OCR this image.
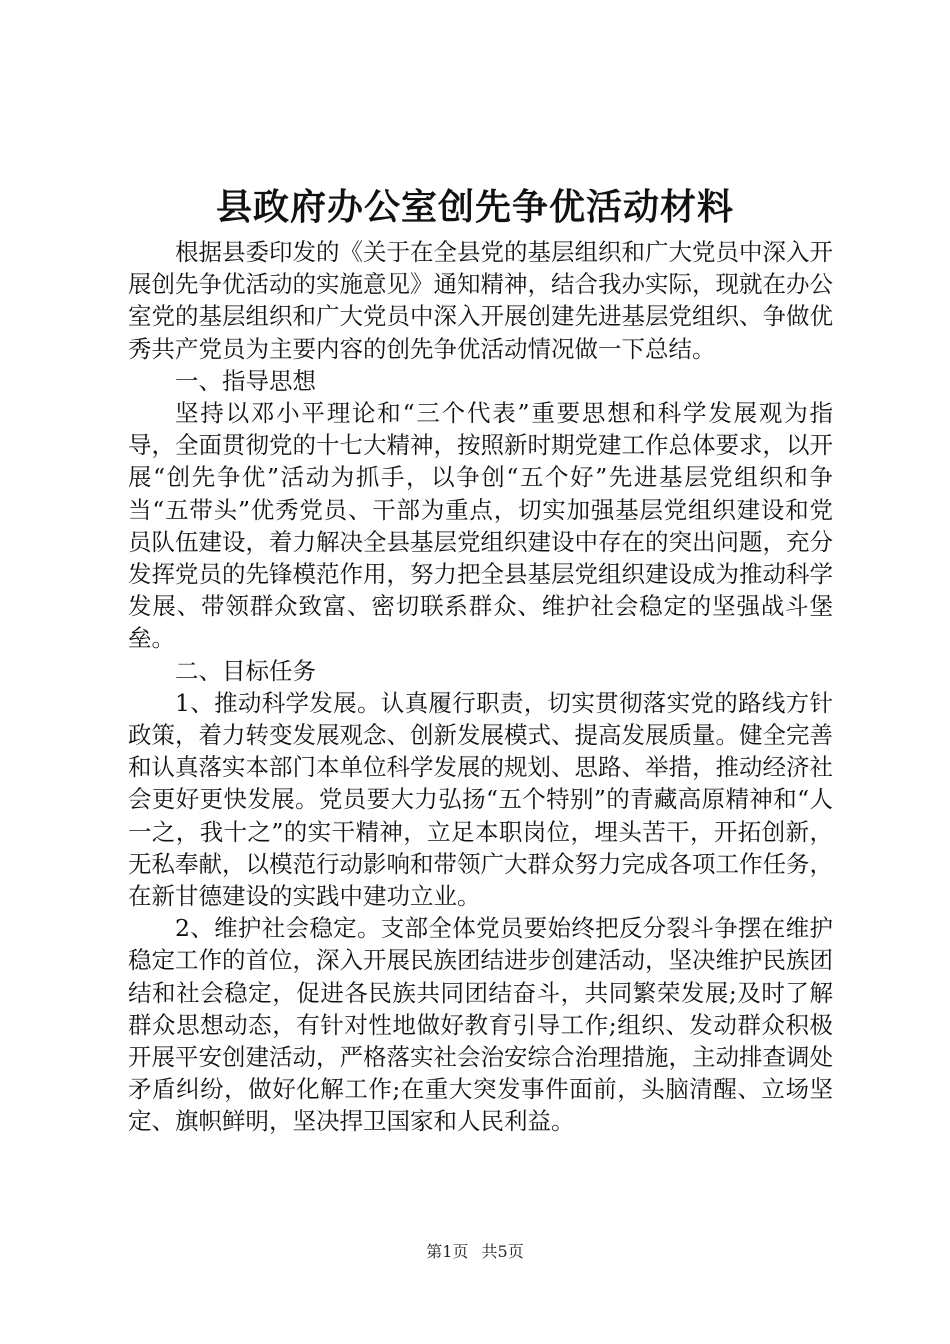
县政府办公室创先争优活动材料

根据县委印发的《关于在全县党的基层组织和广大党员中深入开展创先争优活动的实施意见》通知精神，结合我办实际，现就在办公室党的基层组织和广大党员中深入开展创建先进基层党组织、争做优秀共产党员为主要内容的创先争优活动情况做一下总结。

一、指导思想

坚持以邓小平理论和“三个代表”重要思想和科学发展观为指导，全面贯彻党的十七大精神，按照新时期党建工作总体要求，以开展“创先争优”活动为抓手，以争创“五个好”先进基层党组织和争当“五带头”优秀党员、干部为重点，切实加强基层党组织建设和党员队伍建设，着力解决全县基层党组织建设中存在的突出问题，充分发挥党员的先锋模范作用，努力把全县基层党组织建设成为推动科学发展、带领群众致富、密切联系群众、维护社会稳定的坚强战斗堡垒。

二、目标任务

1、推动科学发展。认真履行职责，切实贯彻落实党的路线方针政策，着力转变发展观念、创新发展模式、提高发展质量。健全完善和认真落实本部门本单位科学发展的规划、思路、举措，推动经济社会更好更快发展。党员要大力弘扬“五个特别”的青藏高原精神和“人一之，我十之”的实干精神，立足本职岗位，埋头苦干，开拓创新，无私奉献，以模范行动影响和带领广大群众努力完成各项工作任务，在新甘德建设的实践中建功立业。

2、维护社会稳定。支部全体党员要始终把反分裂斗争摆在维护稳定工作的首位，深入开展民族团结进步创建活动，坚决维护民族团结和社会稳定，促进各民族共同团结奋斗，共同繁荣发展;及时了解群众思想动态，有针对性地做好教育引导工作;组织、发动群众积极开展平安创建活动，严格落实社会治安综合治理措施，主动排查调处矛盾纠纷，做好化解工作;在重大突发事件面前，头脑清醒、立场坚定、旗帜鲜明，坚决捍卫国家和人民利益。

第1页 共5页
